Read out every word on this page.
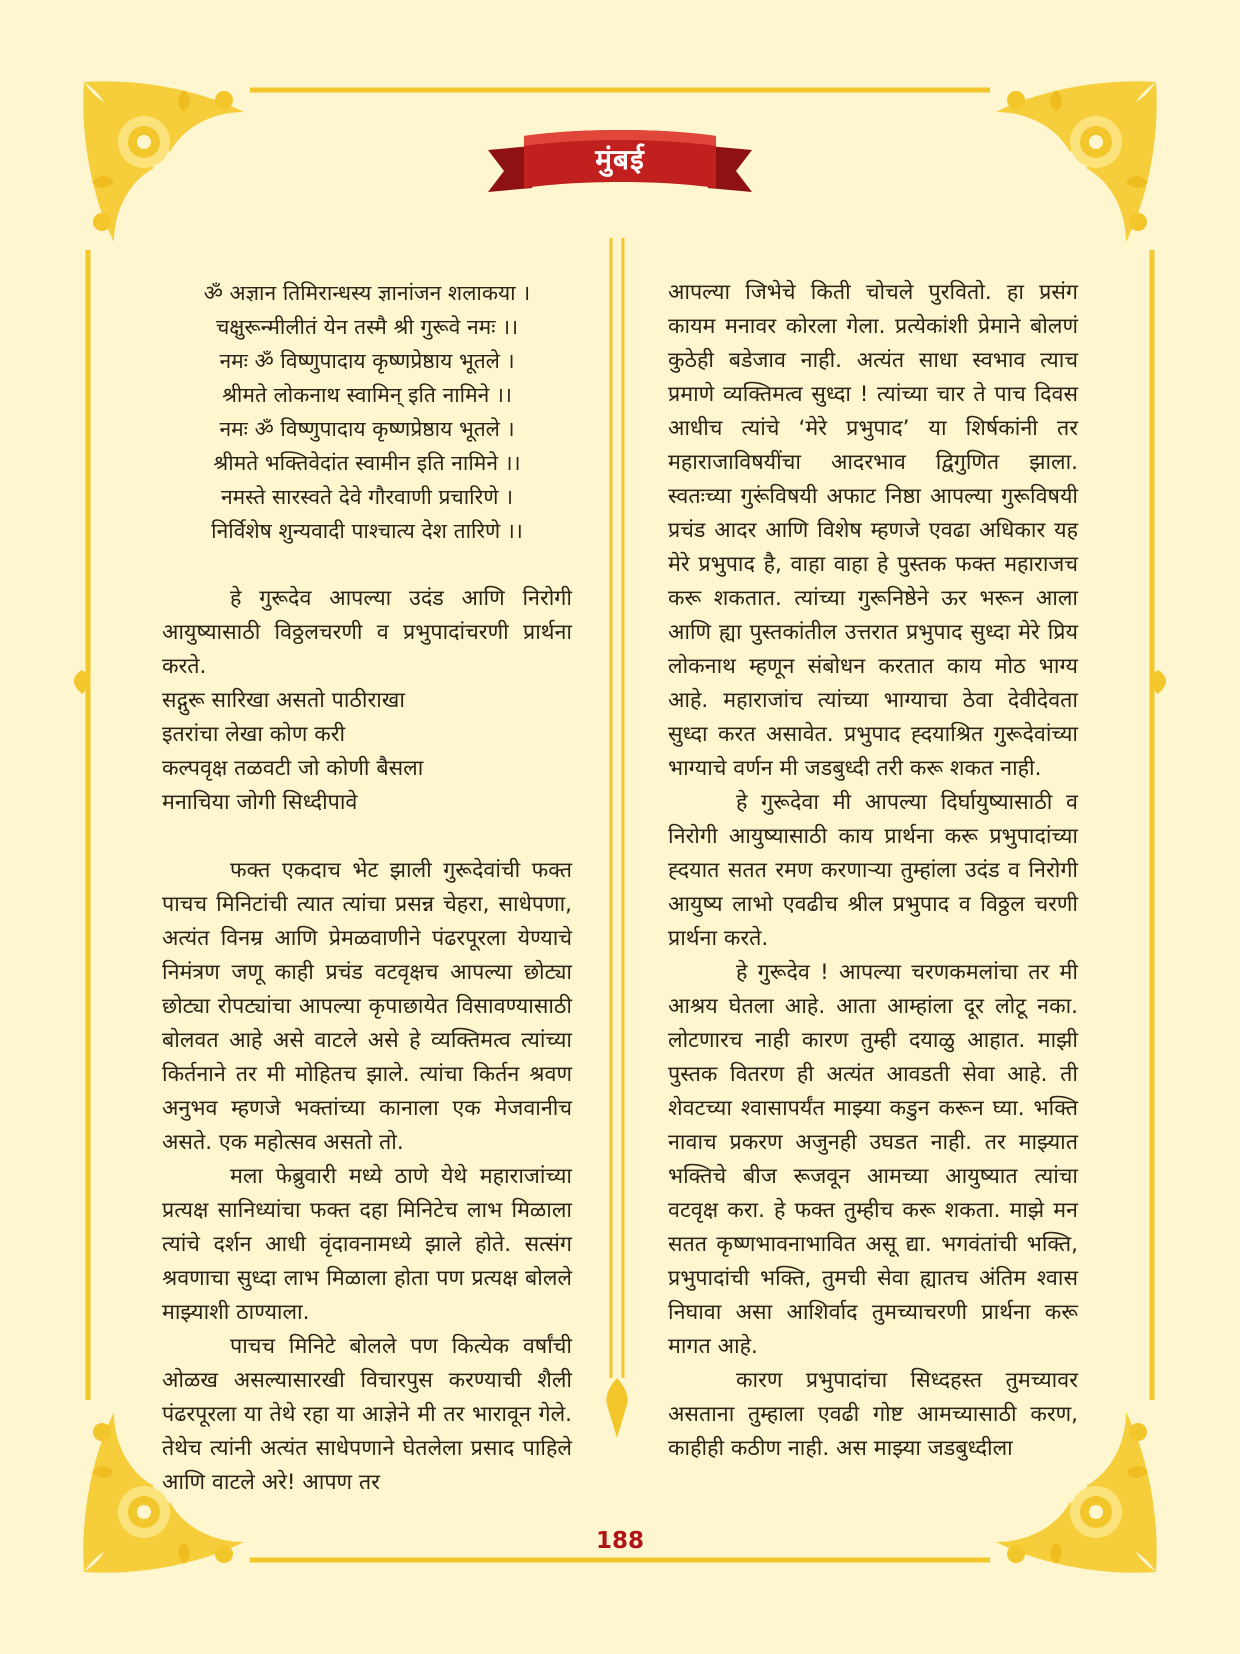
मुंबई
ॐ अज्ञान तिमिरान्धस्य ज्ञानांजन शलाकया ।
चक्षुरून्मीलीतं येन तस्मै श्री गुरूवे नमः ।।
नमः ॐ विष्णुपादाय कृष्णप्रेष्ठाय भूतले ।
श्रीमते लोकनाथ स्वामिन् इति नामिने ।।
नमः ॐ विष्णुपादाय कृष्णप्रेष्ठाय भूतले ।
श्रीमते भक्तिवेदांत स्वामीन इति नामिने ।।
नमस्ते सारस्वते देवे गौरवाणी प्रचारिणे ।
निर्विशेष शुन्यवादी पाश्चात्य देश तारिणे ।।

हे गुरूदेव आपल्या उदंड आणि निरोगी आयुष्यासाठी विठ्ठलचरणी व प्रभुपादांचरणी प्रार्थना करते.

सद्गुरू सारिखा असतो पाठीराखा
इतरांचा लेखा कोण करी
कल्पवृक्ष तळवटी जो कोणी बैसला
मनाचिया जोगी सिध्दीपावे

फक्त एकदाच भेट झाली गुरूदेवांची फक्त पाचच मिनिटांची त्यात त्यांचा प्रसन्न चेहरा, साधेपणा, अत्यंत विनम्र आणि प्रेमळवाणीने पंढरपूरला येण्याचे निमंत्रण जणू काही प्रचंड वटवृक्षच आपल्या छोट्या छोट्या रोपट्यांचा आपल्या कृपाछायेत विसावण्यासाठी बोलवत आहे असे वाटले असे हे व्यक्तिमत्व त्यांच्या किर्तनाने तर मी मोहितच झाले. त्यांचा किर्तन श्रवण अनुभव म्हणजे भक्तांच्या कानाला एक मेजवानीच असते. एक महोत्सव असतो तो.

मला फेब्रुवारी मध्ये ठाणे येथे महाराजांच्या प्रत्यक्ष सानिध्यांचा फक्त दहा मिनिटेच लाभ मिळाला त्यांचे दर्शन आधी वृंदावनामध्ये झाले होते. सत्संग श्रवणाचा सुध्दा लाभ मिळाला होता पण प्रत्यक्ष बोलले माझ्याशी ठाण्याला.

पाचच मिनिटे बोलले पण कित्येक वर्षांची ओळख असल्यासारखी विचारपुस करण्याची शैली पंढरपूरला या तेथे रहा या आज्ञेने मी तर भारावून गेले. तेथेच त्यांनी अत्यंत साधेपणाने घेतलेला प्रसाद पाहिले आणि वाटले अरे! आपण तर

आपल्या जिभेचे किती चोचले पुरवितो. हा प्रसंग कायम मनावर कोरला गेला. प्रत्येकांशी प्रेमाने बोलणं कुठेही बडेजाव नाही. अत्यंत साधा स्वभाव त्याच प्रमाणे व्यक्तिमत्व सुध्दा ! त्यांच्या चार ते पाच दिवस आधीच त्यांचे ‘मेरे प्रभुपाद’ या शिर्षकांनी तर महाराजाविषयींचा आदरभाव द्विगुणित झाला. स्वतःच्या गुरूंविषयी अफाट निष्ठा आपल्या गुरूविषयी प्रचंड आदर आणि विशेष म्हणजे एवढा अधिकार यह मेरे प्रभुपाद है, वाहा वाहा हे पुस्तक फक्त महाराजच करू शकतात. त्यांच्या गुरूनिष्ठेने ऊर भरून आला आणि ह्या पुस्तकांतील उत्तरात प्रभुपाद सुध्दा मेरे प्रिय लोकनाथ म्हणून संबोधन करतात काय मोठ भाग्य आहे. महाराजांच त्यांच्या भाग्याचा ठेवा देवीदेवता सुध्दा करत असावेत. प्रभुपाद ह्दयाश्रित गुरूदेवांच्या भाग्याचे वर्णन मी जडबुध्दी तरी करू शकत नाही.

हे गुरूदेवा मी आपल्या दिर्घायुष्यासाठी व निरोगी आयुष्यासाठी काय प्रार्थना करू प्रभुपादांच्या ह्दयात सतत रमण करणाऱ्या तुम्हांला उदंड व निरोगी आयुष्य लाभो एवढीच श्रील प्रभुपाद व विठ्ठल चरणी प्रार्थना करते.

हे गुरूदेव ! आपल्या चरणकमलांचा तर मी आश्रय घेतला आहे. आता आम्हांला दूर लोटू नका. लोटणारच नाही कारण तुम्ही दयाळु आहात. माझी पुस्तक वितरण ही अत्यंत आवडती सेवा आहे. ती शेवटच्या श्वासापर्यंत माझ्या कडुन करून घ्या. भक्ति नावाच प्रकरण अजुनही उघडत नाही. तर माझ्यात भक्तिचे बीज रूजवून आमच्या आयुष्यात त्यांचा वटवृक्ष करा. हे फक्त तुम्हीच करू शकता. माझे मन सतत कृष्णभावनाभावित असू द्या. भगवंतांची भक्ति, प्रभुपादांची भक्ति, तुमची सेवा ह्यातच अंतिम श्वास निघावा असा आशिर्वाद तुमच्याचरणी प्रार्थना करू मागत आहे.

कारण प्रभुपादांचा सिध्दहस्त तुमच्यावर असताना तुम्हाला एवढी गोष्ट आमच्यासाठी करण, काहीही कठीण नाही. अस माझ्या जडबुध्दीला

188
